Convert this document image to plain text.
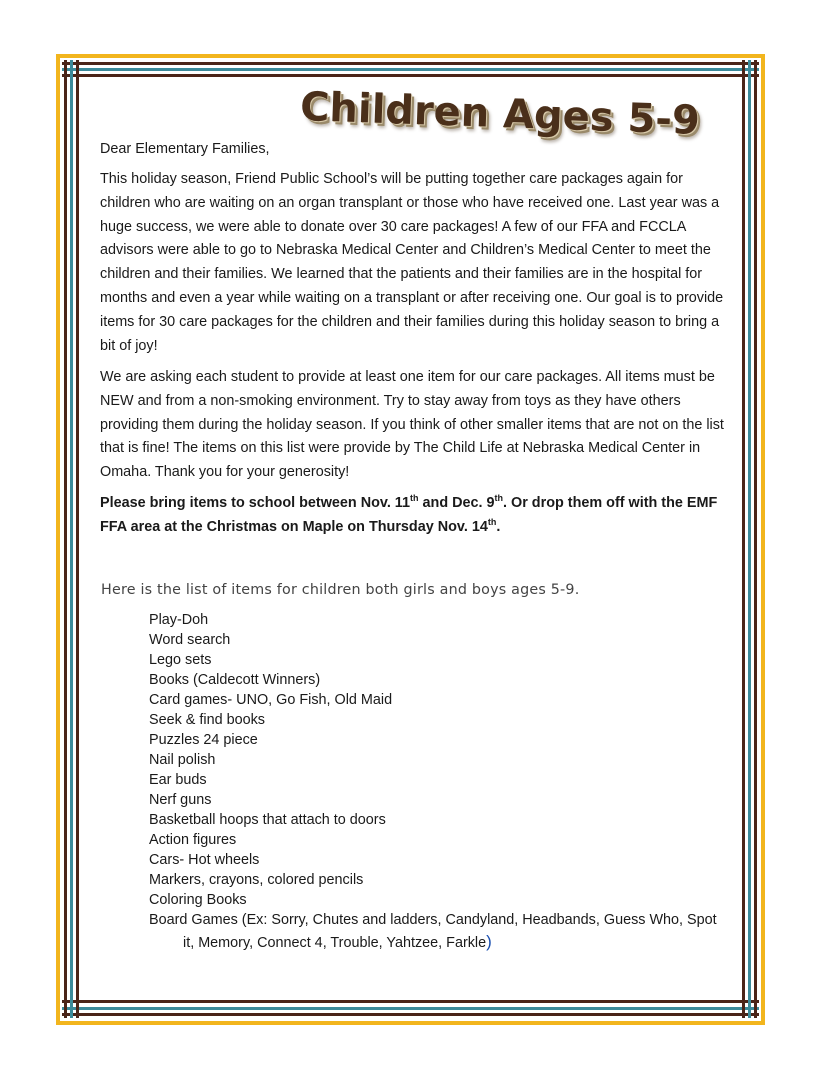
Children Ages 5-9
Dear Elementary Families,
This holiday season, Friend Public School’s will be putting together care packages again for children who are waiting on an organ transplant or those who have received one. Last year was a huge success, we were able to donate over 30 care packages! A few of our FFA and FCCLA advisors were able to go to Nebraska Medical Center and Children’s Medical Center to meet the children and their families. We learned that the patients and their families are in the hospital for months and even a year while waiting on a transplant or after receiving one. Our goal is to provide items for 30 care packages for the children and their families during this holiday season to bring a bit of joy!
We are asking each student to provide at least one item for our care packages. All items must be NEW and from a non-smoking environment. Try to stay away from toys as they have others providing them during the holiday season. If you think of other smaller items that are not on the list that is fine! The items on this list were provide by The Child Life at Nebraska Medical Center in Omaha. Thank you for your generosity!
Please bring items to school between Nov. 11th and Dec. 9th. Or drop them off with the EMF FFA area at the Christmas on Maple on Thursday Nov. 14th.
Here is the list of items for children both girls and boys ages 5-9.
Play-Doh
Word search
Lego sets
Books (Caldecott Winners)
Card games- UNO, Go Fish, Old Maid
Seek & find books
Puzzles 24 piece
Nail polish
Ear buds
Nerf guns
Basketball hoops that attach to doors
Action figures
Cars- Hot wheels
Markers, crayons, colored pencils
Coloring Books
Board Games (Ex: Sorry, Chutes and ladders, Candyland, Headbands, Guess Who, Spot
it, Memory, Connect 4, Trouble, Yahtzee, Farkle)
